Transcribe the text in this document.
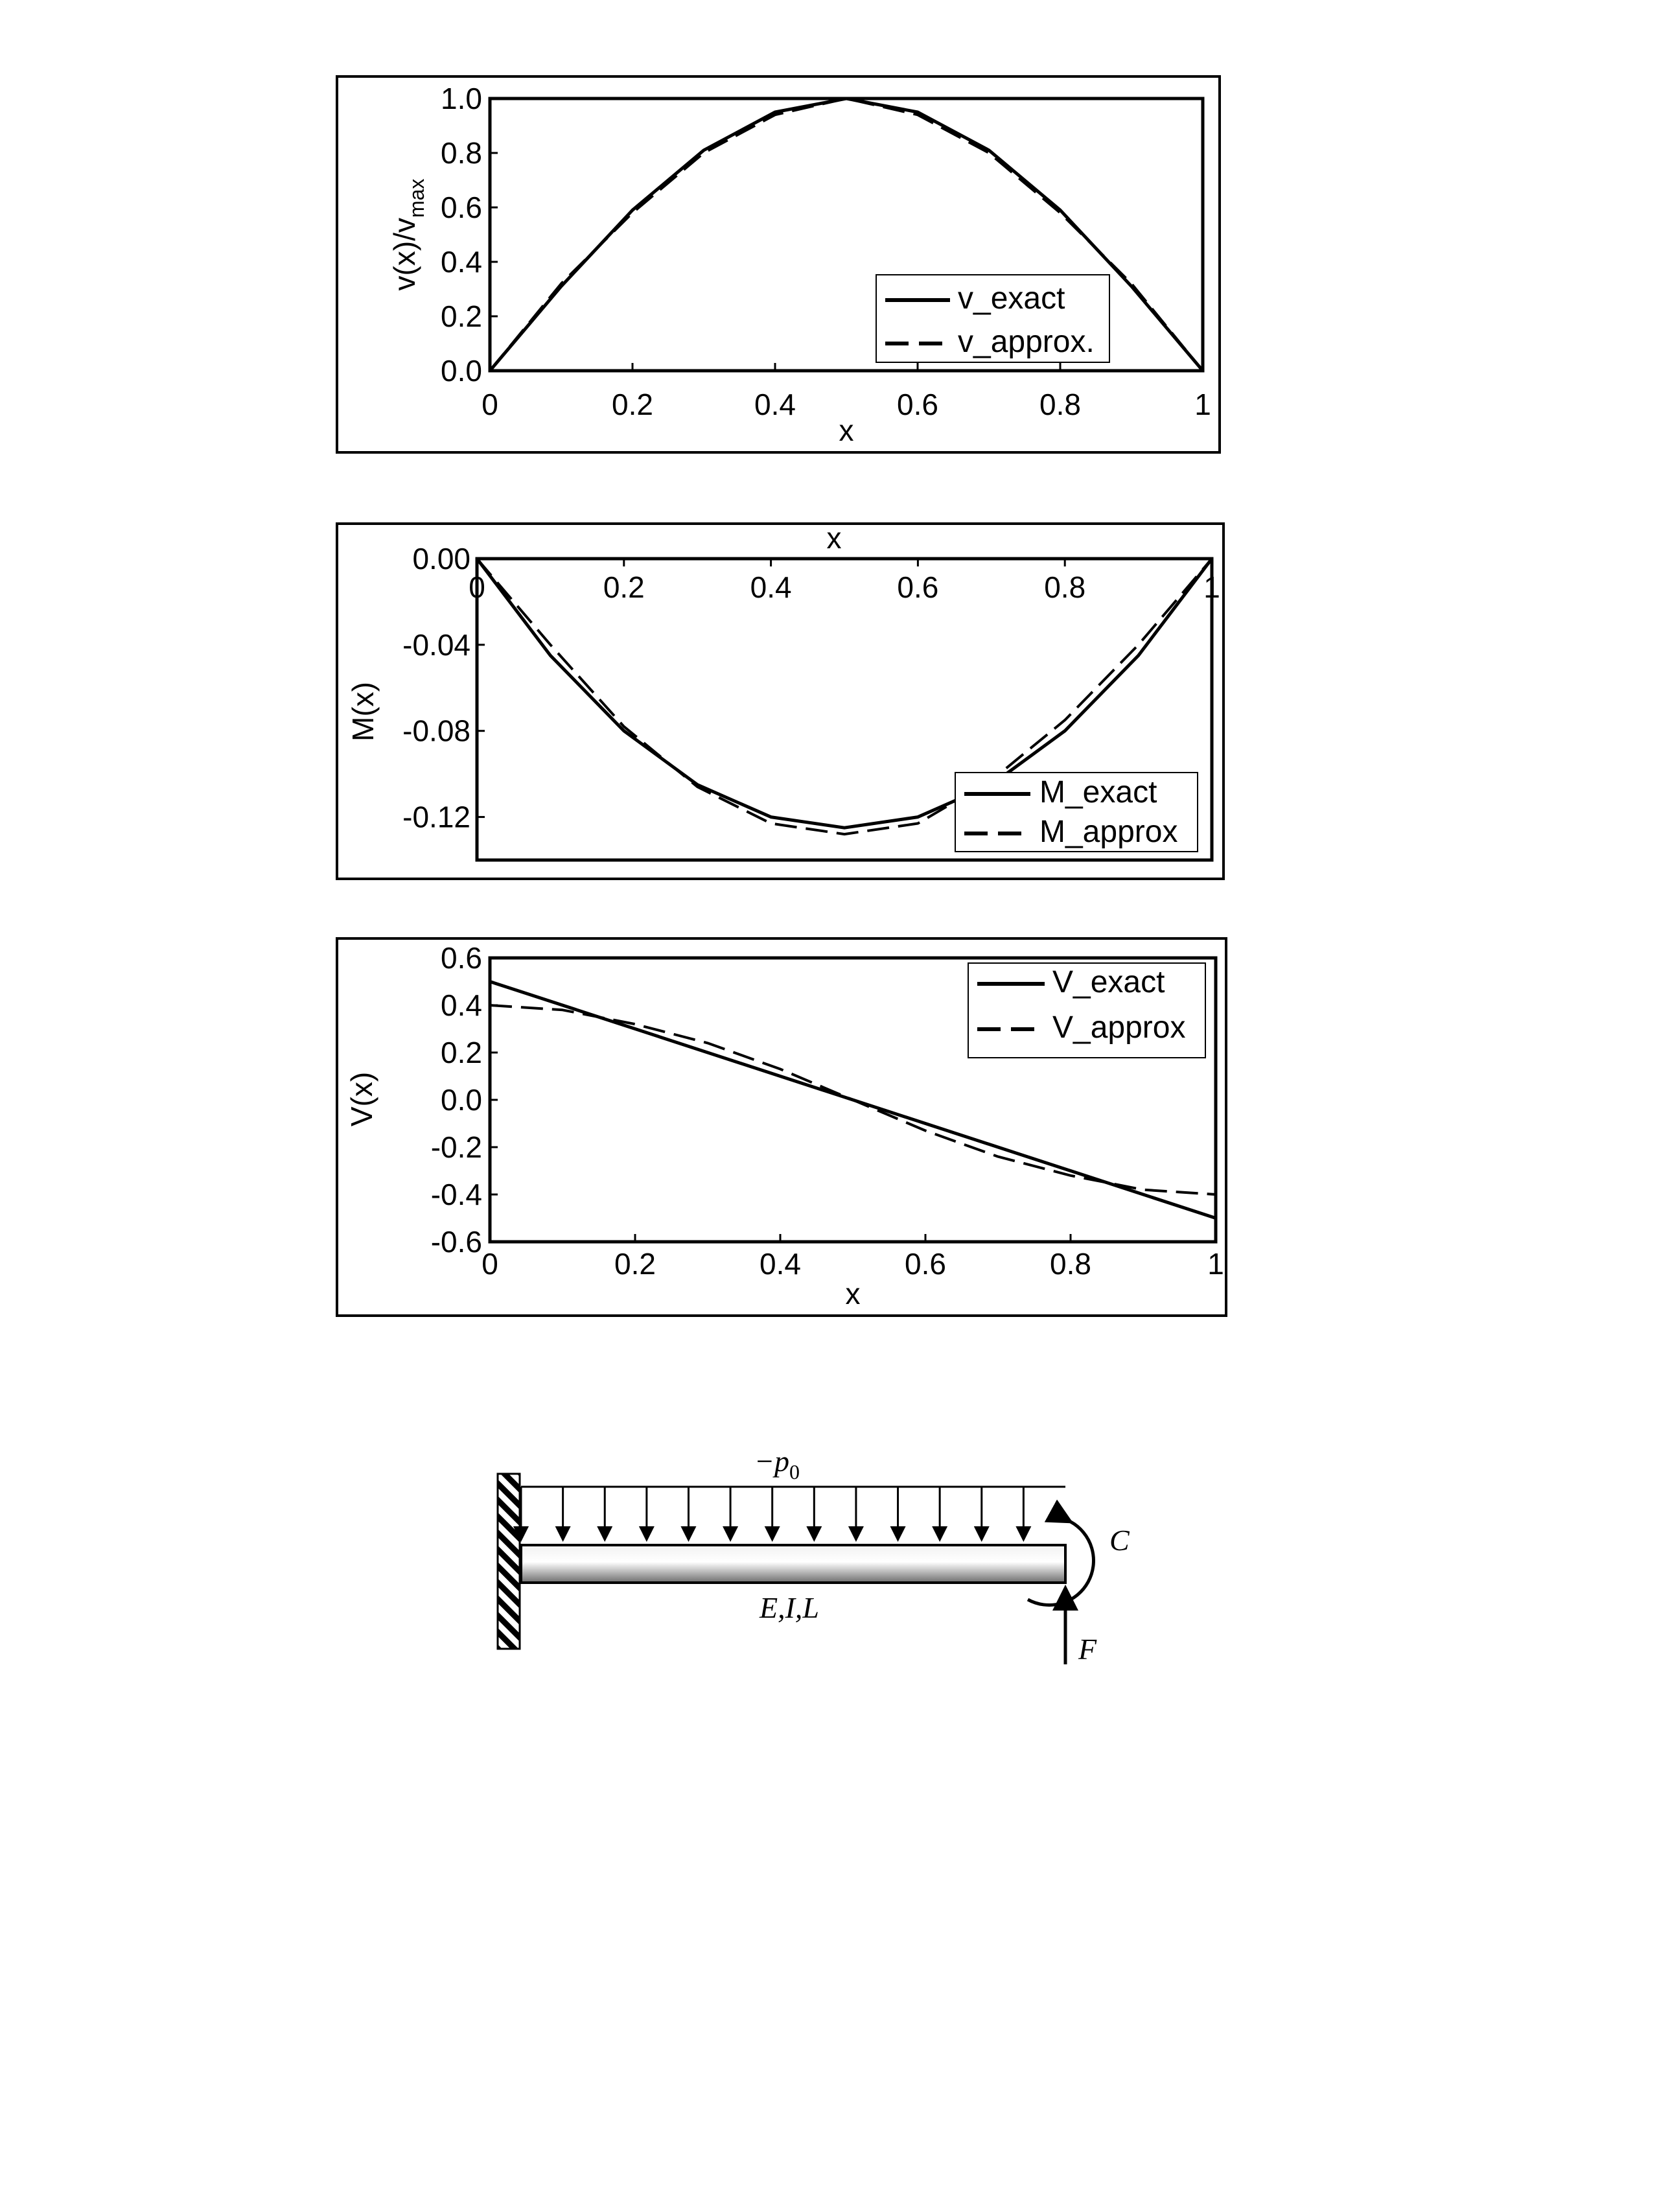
0.0
0.2
0.4
0.6
0.8
1.0
0	0.2	0.4	0.6	0.8	1
x
$v(x)/v_{max}$
v_exact
v_approx.
0.00
-0.04
-0.08
-0.12
0	0.2	0.4	0.6	0.8	1
x
M(x)
M_exact
M_approx
0.6
0.4
0.2
0.0
-0.2
-0.4
-0.6
0	0.2	0.4	0.6	0.8	1
x
V(x)
V_exact
V_approx
$-p_0$
E,I,L
C
F
